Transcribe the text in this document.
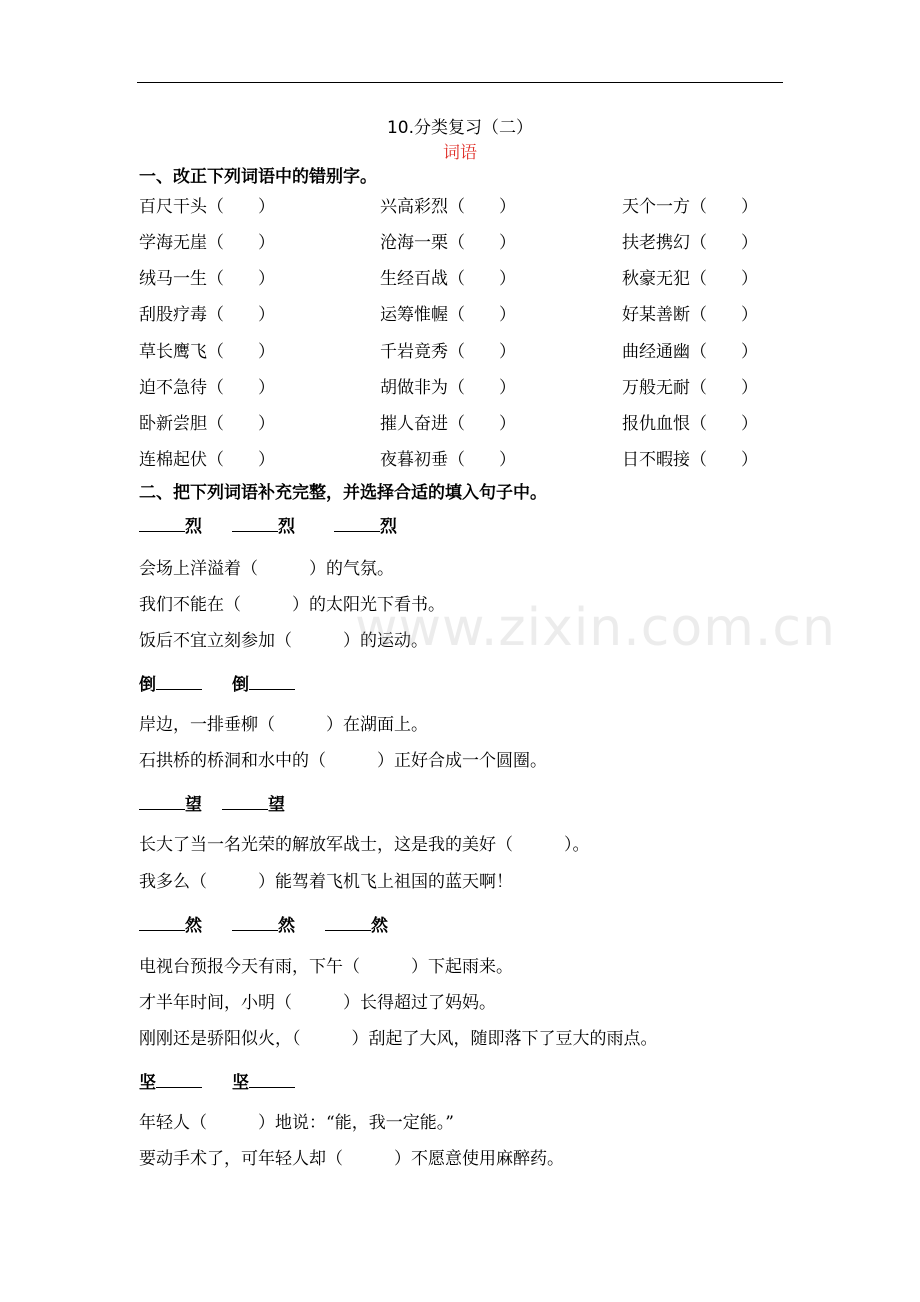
10.分类复习（二）
词语
一、改正下列词语中的错别字。
百尺干头（　　）	兴高彩烈（　　）	天个一方（　　）
学海无崖（　　）	沧海一栗（　　）	扶老携幻（　　）
绒马一生（　　）	生经百战（　　）	秋豪无犯（　　）
刮股疗毒（　　）	运筹惟幄（　　）	好某善断（　　）
草长鹰飞（　　）	千岩竟秀（　　）	曲经通幽（　　）
迫不急待（　　）	胡做非为（　　）	万般无耐（　　）
卧新尝胆（　　）	摧人奋进（　　）	报仇血恨（　　）
连棉起伏（　　）	夜暮初垂（　　）	日不暇接（　　）
二、把下列词语补充完整，并选择合适的填入句子中。
烈	烈	烈
会场上洋溢着（　　　）的气氛。
我们不能在（　　　）的太阳光下看书。
饭后不宜立刻参加（　　　）的运动。
倒	倒
岸边，一排垂柳（　　　）在湖面上。
石拱桥的桥洞和水中的（　　　）正好合成一个圆圈。
望	望
长大了当一名光荣的解放军战士，这是我的美好（　　　）。
我多么（　　　）能驾着飞机飞上祖国的蓝天啊！
然	然	然
电视台预报今天有雨，下午（　　　）下起雨来。
才半年时间，小明（　　　）长得超过了妈妈。
刚刚还是骄阳似火，（　　　）刮起了大风，随即落下了豆大的雨点。
坚	坚
年轻人（　　　）地说：“能，我一定能。”
要动手术了，可年轻人却（　　　）不愿意使用麻醉药。
www.zixin.com.cn
